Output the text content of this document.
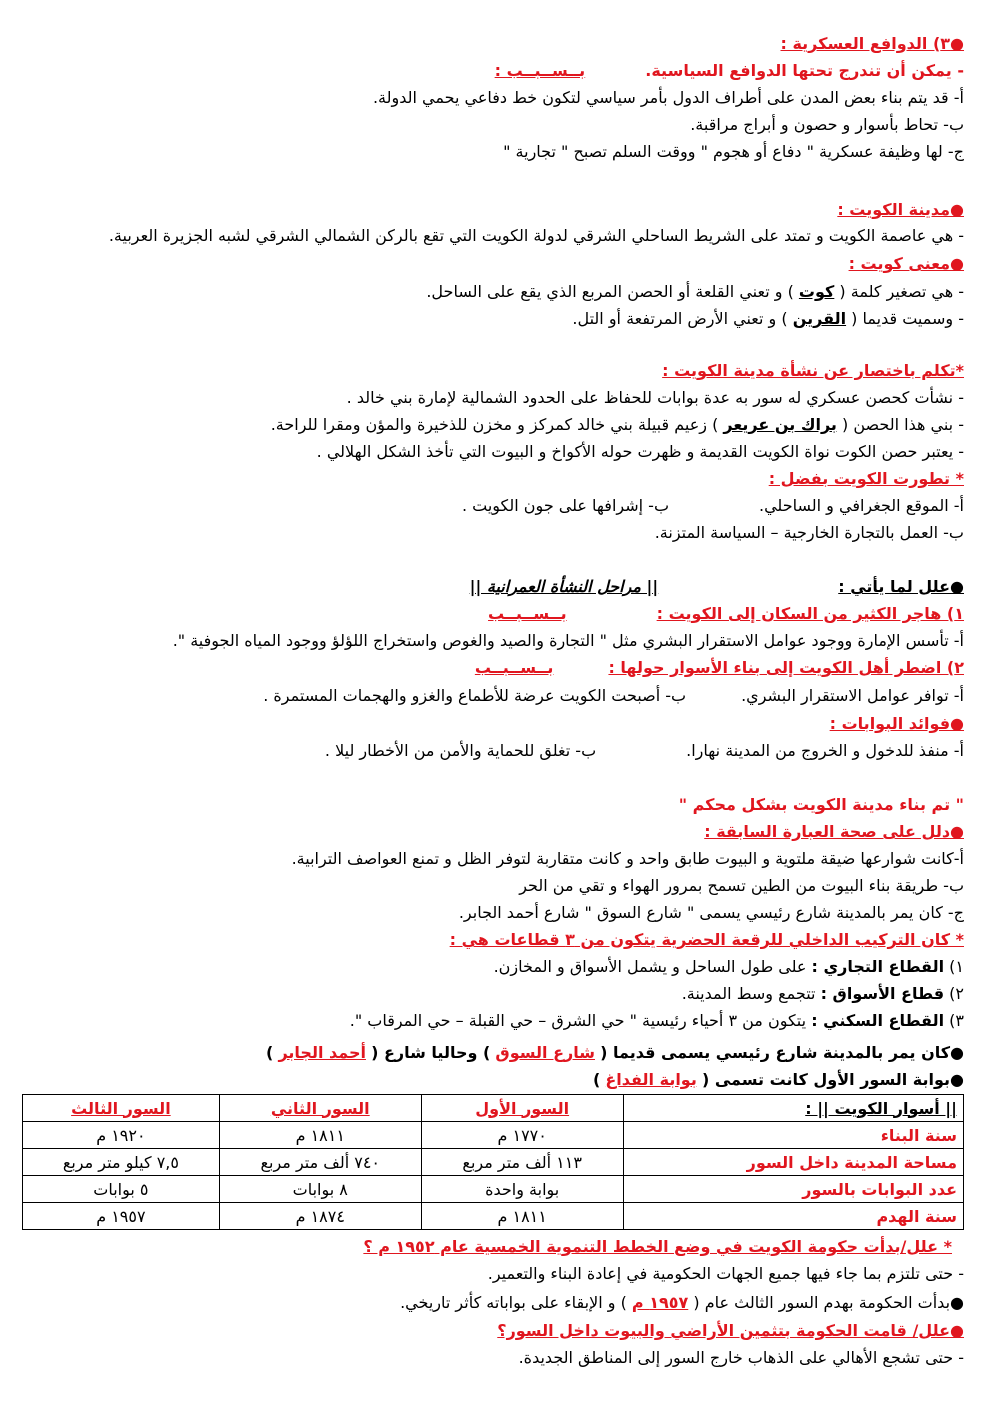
●٣) الدوافع العسكرية :
- يمكن أن تندرج تحتها الدوافع السياسية. بــســبــب :
أ- قد يتم بناء بعض المدن على أطراف الدول بأمر سياسي لتكون خط دفاعي يحمي الدولة.
ب- تحاط بأسوار و حصون و أبراج مراقبة.
ج- لها وظيفة عسكرية " دفاع أو هجوم " ووقت السلم تصبح " تجارية "
●مدينة الكويت :
- هي عاصمة الكويت و تمتد على الشريط الساحلي الشرقي لدولة الكويت التي تقع بالركن الشمالي الشرقي لشبه الجزيرة العربية.
●معنى كويت :
- هي تصغير كلمة ( كوت ) و تعني القلعة أو الحصن المربع الذي يقع على الساحل.
- وسميت قديما ( القرين ) و تعني الأرض المرتفعة أو التل.
*تكلم باختصار عن نشأة مدينة الكويت :
- نشأت كحصن عسكري له سور به عدة بوابات للحفاظ على الحدود الشمالية لإمارة بني خالد .
- بني هذا الحصن ( براك بن عريعر ) زعيم قبيلة بني خالد كمركز و مخزن للذخيرة والمؤن ومقرا للراحة.
- يعتبر حصن الكوت نواة الكويت القديمة و ظهرت حوله الأكواخ و البيوت التي تأخذ الشكل الهلالي .
* تطورت الكويت بفضل :
أ- الموقع الجغرافي و الساحلي.ب- إشرافها على جون الكويت .
ب- العمل بالتجارة الخارجية – السياسة المتزنة.
●علل لما يأتي :|| مراحل النشأة العمرانية ||
١) هاجر الكثير من السكان إلى الكويت :بــســبــب
أ- تأسس الإمارة ووجود عوامل الاستقرار البشري مثل " التجارة والصيد والغوص واستخراج اللؤلؤ ووجود المياه الجوفية ".
٢) اضطر أهل الكويت إلى بناء الأسوار حولها :بــســبــب
أ- توافر عوامل الاستقرار البشري.ب- أصبحت الكويت عرضة للأطماع والغزو والهجمات المستمرة .
●فوائد البوابات :
أ- منفذ للدخول و الخروج من المدينة نهارا.ب- تغلق للحماية والأمن من الأخطار ليلا .
" تم بناء مدينة الكويت بشكل محكم "
●دلل على صحة العبارة السابقة :
أ-كانت شوارعها ضيقة ملتوية و البيوت طابق واحد و كانت متقاربة لتوفر الظل و تمنع العواصف الترابية.
ب- طريقة بناء البيوت من الطين تسمح بمرور الهواء و تقي من الحر
ج- كان يمر بالمدينة شارع رئيسي يسمى " شارع السوق " شارع أحمد الجابر.
* كان التركيب الداخلي للرقعة الحضرية يتكون من ٣ قطاعات هي :
١) القطاع التجاري : على طول الساحل و يشمل الأسواق و المخازن.
٢) قطاع الأسواق : تتجمع وسط المدينة.
٣) القطاع السكني : يتكون من ٣ أحياء رئيسية " حي الشرق – حي القبلة – حي المرقاب ".
●كان يمر بالمدينة شارع رئيسي يسمى قديما ( شارع السوق ) وحاليا شارع ( أحمد الجابر )
●بوابة السور الأول كانت تسمى ( بوابة الفداغ )
|| أسوار الكويت || :	السور الأول	السور الثاني	السور الثالث
سنة البناء	١٧٧٠ م	١٨١١ م	١٩٢٠ م
مساحة المدينة داخل السور	١١٣ ألف متر مربع	٧٤٠ ألف متر مربع	٧,٥ كيلو متر مربع
عدد البوابات بالسور	بوابة واحدة	٨ بوابات	٥ بوابات
سنة الهدم	١٨١١ م	١٨٧٤ م	١٩٥٧ م
* علل/بدأت حكومة الكويت في وضع الخطط التنموية الخمسية عام ١٩٥٢ م ؟
- حتى تلتزم بما جاء فيها جميع الجهات الحكومية في إعادة البناء والتعمير.
●بدأت الحكومة بهدم السور الثالث عام ( ١٩٥٧ م ) و الإبقاء على بواباته كأثر تاريخي.
●علل/ قامت الحكومة بتثمين الأراضي والبيوت داخل السور؟
- حتى تشجع الأهالي على الذهاب خارج السور إلى المناطق الجديدة.
